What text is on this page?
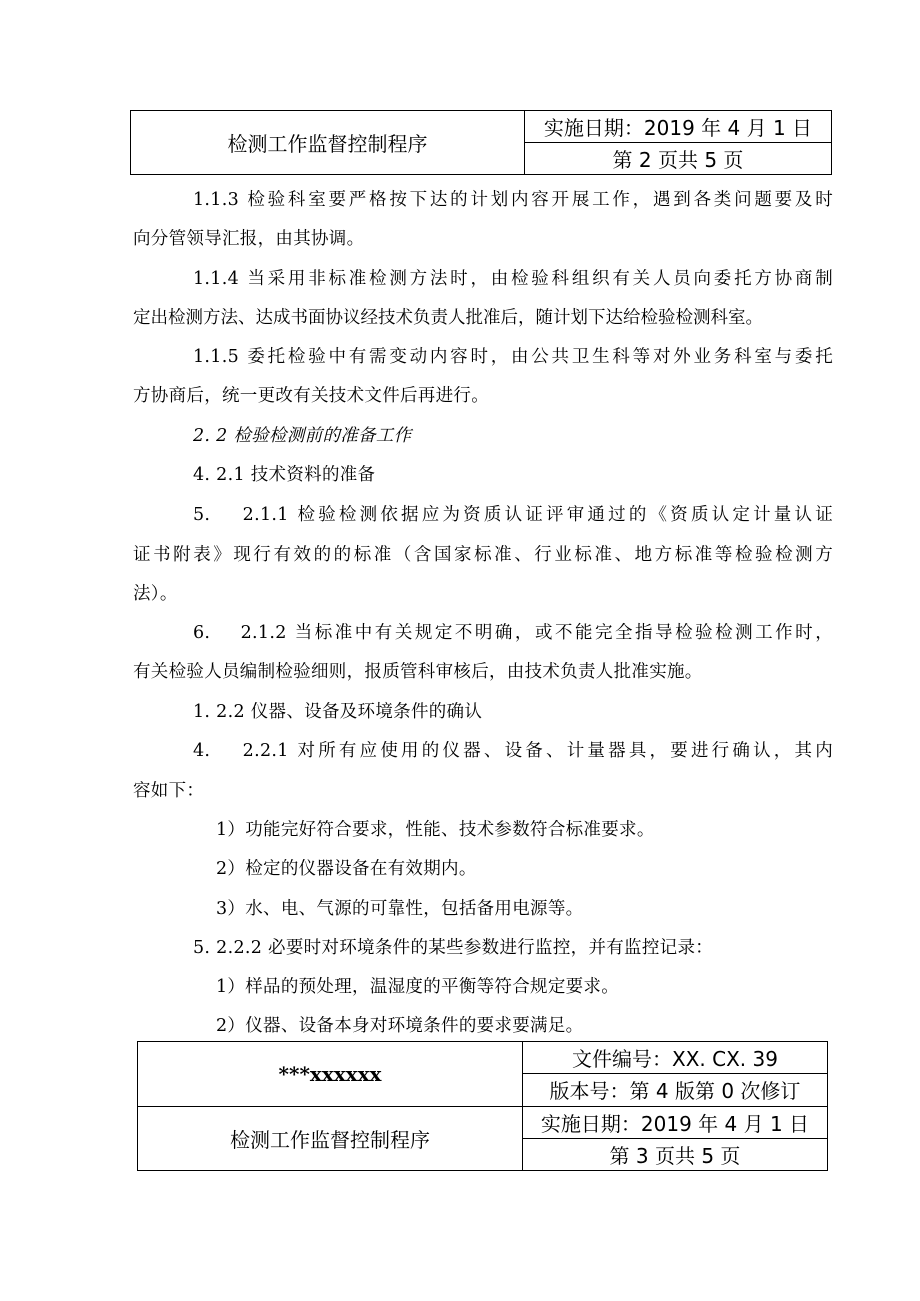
检测工作监督控制程序	实施日期：2019 年 4 月 1 日
第 2 页共 5 页
1.1.3 检验科室要严格按下达的计划内容开展工作，遇到各类问题要及时
向分管领导汇报，由其协调。
1.1.4 当采用非标准检测方法时，由检验科组织有关人员向委托方协商制
定出检测方法、达成书面协议经技术负责人批准后，随计划下达给检验检测科室。
1.1.5 委托检验中有需变动内容时，由公共卫生科等对外业务科室与委托
方协商后，统一更改有关技术文件后再进行。
2. 2 检验检测前的准备工作
4. 2.1 技术资料的准备
5.　 2.1.1 检验检测依据应为资质认证评审通过的《资质认定计量认证
证书附表》现行有效的的标准（含国家标准、行业标准、地方标准等检验检测方
法）。
6.　 2.1.2 当标准中有关规定不明确，或不能完全指导检验检测工作时，
有关检验人员编制检验细则，报质管科审核后，由技术负责人批准实施。
1. 2.2 仪器、设备及环境条件的确认
4.　 2.2.1 对所有应使用的仪器、设备、计量器具，要进行确认，其内
容如下：
1）功能完好符合要求，性能、技术参数符合标准要求。
2）检定的仪器设备在有效期内。
3）水、电、气源的可靠性，包括备用电源等。
5. 2.2.2 必要时对环境条件的某些参数进行监控，并有监控记录：
1）样品的预处理，温湿度的平衡等符合规定要求。
2）仪器、设备本身对环境条件的要求要满足。
***xxxxxx	文件编号：XX. CX. 39
	版本号：第 4 版第 0 次修订
检测工作监督控制程序	实施日期：2019 年 4 月 1 日
	第 3 页共 5 页
